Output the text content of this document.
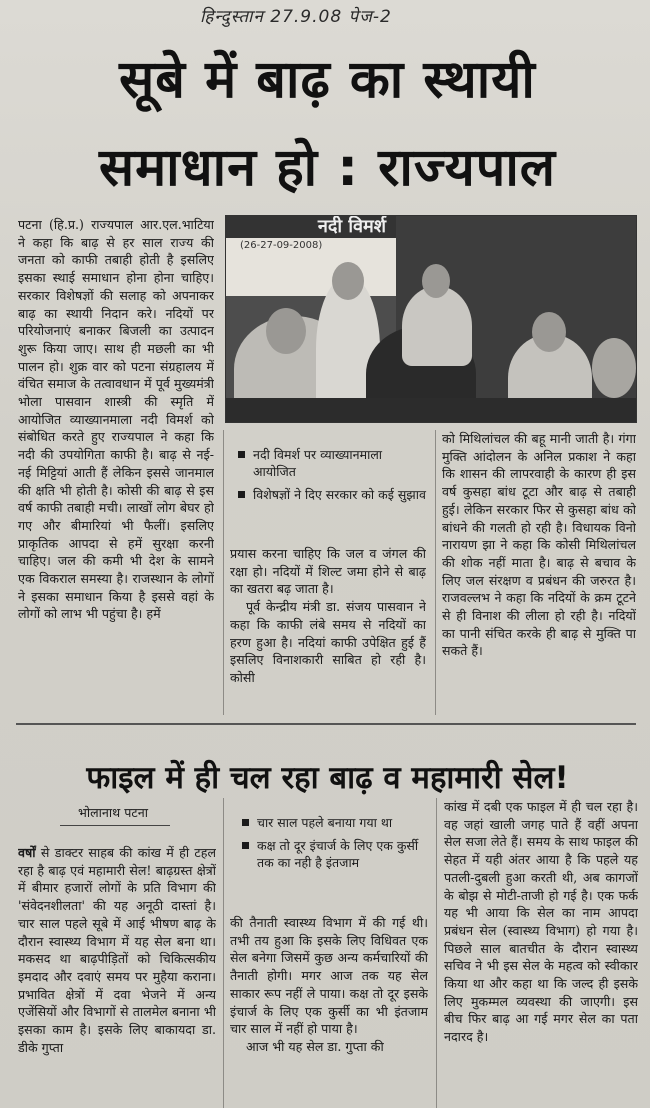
हिन्दुस्तान 27.9.08 पेज-2
सूबे में बाढ़ का स्थायी
समाधान हो : राज्यपाल

पटना (हि.प्र.) राज्यपाल आर.एल.भाटिया ने कहा कि बाढ़ से हर साल राज्य की जनता को काफी तबाही होती है इसलिए इसका स्थाई समाधान होना होना चाहिए। सरकार विशेषज्ञों की सलाह को अपनाकर बाढ़ का स्थायी निदान करे। नदियों पर परियोजनाएं बनाकर बिजली का उत्पादन शुरू किया जाए। साथ ही मछली का भी पालन हो। शुक्र वार को पटना संग्रहालय में वंचित समाज के तत्वावधान में पूर्व मुख्यमंत्री भोला पासवान शास्त्री की स्मृति में आयोजित व्याख्यानमाला नदी विमर्श को संबोधित करते हुए राज्यपाल ने कहा कि नदी की उपयोगिता काफी है। बाढ़ से नई-नई मिट्टियां आती हैं लेकिन इससे जानमाल की क्षति भी होती है। कोसी की बाढ़ से इस वर्ष काफी तबाही मची। लाखों लोग बेघर हो गए और बीमारियां भी फैलीं। इसलिए प्राकृतिक आपदा से हमें सुरक्षा करनी चाहिए। जल की कमी भी देश के सामने एक विकराल समस्या है। राजस्थान के लोगों ने इसका समाधान किया है इससे वहां के लोगों को लाभ भी पहुंचा है। हमें

नदी विमर्श
(26-27-09-2008)
नदी विमर्श पर व्याख्यानमाला आयोजित
विशेषज्ञों ने दिए सरकार को कई सुझाव

प्रयास करना चाहिए कि जल व जंगल की रक्षा हो। नदियों में शिल्ट जमा होने से बाढ़ का खतरा बढ़ जाता है।

पूर्व केन्द्रीय मंत्री डा. संजय पासवान ने कहा कि काफी लंबे समय से नदियों का हरण हुआ है। नदियां काफी उपेक्षित हुई हैं इसलिए विनाशकारी साबित हो रही है। कोसी

को मिथिलांचल की बहू मानी जाती है। गंगा मुक्ति आंदोलन के अनिल प्रकाश ने कहा कि शासन की लापरवाही के कारण ही इस वर्ष कुसहा बांध टूटा और बाढ़ से तबाही हुई। लेकिन सरकार फिर से कुसहा बांध को बांधने की गलती हो रही है। विधायक विनो नारायण झा ने कहा कि कोसी मिथिलांचल की शोक नहीं माता है। बाढ़ से बचाव के लिए जल संरक्षण व प्रबंधन की जरुरत है। राजवल्लभ ने कहा कि नदियों के क्रम टूटने से ही विनाश की लीला हो रही है। नदियों का पानी संचित करके ही बाढ़ से मुक्ति पा सकते हैं।

फाइल में ही चल रहा बाढ़ व महामारी सेल!
भोलानाथ पटना

वर्षों से डाक्टर साहब की कांख में ही टहल रहा है बाढ़ एवं महामारी सेल! बाढ़ग्रस्त क्षेत्रों में बीमार हजारों लोगों के प्रति विभाग की 'संवेदनशीलता' की यह अनूठी दास्तां है। चार साल पहले सूबे में आई भीषण बाढ़ के दौरान स्वास्थ्य विभाग में यह सेल बना था। मकसद था बाढ़पीड़ितों को चिकित्सकीय इमदाद और दवाएं समय पर मुहैया कराना। प्रभावित क्षेत्रों में दवा भेजने में अन्य एजेंसियों और विभागों से तालमेल बनाना भी इसका काम है। इसके लिए बाकायदा डा. डीके गुप्ता

चार साल पहले बनाया गया था
कक्ष तो दूर इंचार्ज के लिए एक कुर्सी तक का नही है इंतजाम

की तैनाती स्वास्थ्य विभाग में की गई थी। तभी तय हुआ कि इसके लिए विधिवत एक सेल बनेगा जिसमें कुछ अन्य कर्मचारियों की तैनाती होगी। मगर आज तक यह सेल साकार रूप नहीं ले पाया। कक्ष तो दूर इसके इंचार्ज के लिए एक कुर्सी का भी इंतजाम चार साल में नहीं हो पाया है।

आज भी यह सेल डा. गुप्ता की

कांख में दबी एक फाइल में ही चल रहा है। वह जहां खाली जगह पाते हैं वहीं अपना सेल सजा लेते हैं। समय के साथ फाइल की सेहत में यही अंतर आया है कि पहले यह पतली-दुबली हुआ करती थी, अब कागजों के बोझ से मोटी-ताजी हो गई है। एक फर्क यह भी आया कि सेल का नाम आपदा प्रबंधन सेल (स्वास्थ्य विभाग) हो गया है। पिछले साल बातचीत के दौरान स्वास्थ्य सचिव ने भी इस सेल के महत्व को स्वीकार किया था और कहा था कि जल्द ही इसके लिए मुकम्मल व्यवस्था की जाएगी। इस बीच फिर बाढ़ आ गई मगर सेल का पता नदारद है।
